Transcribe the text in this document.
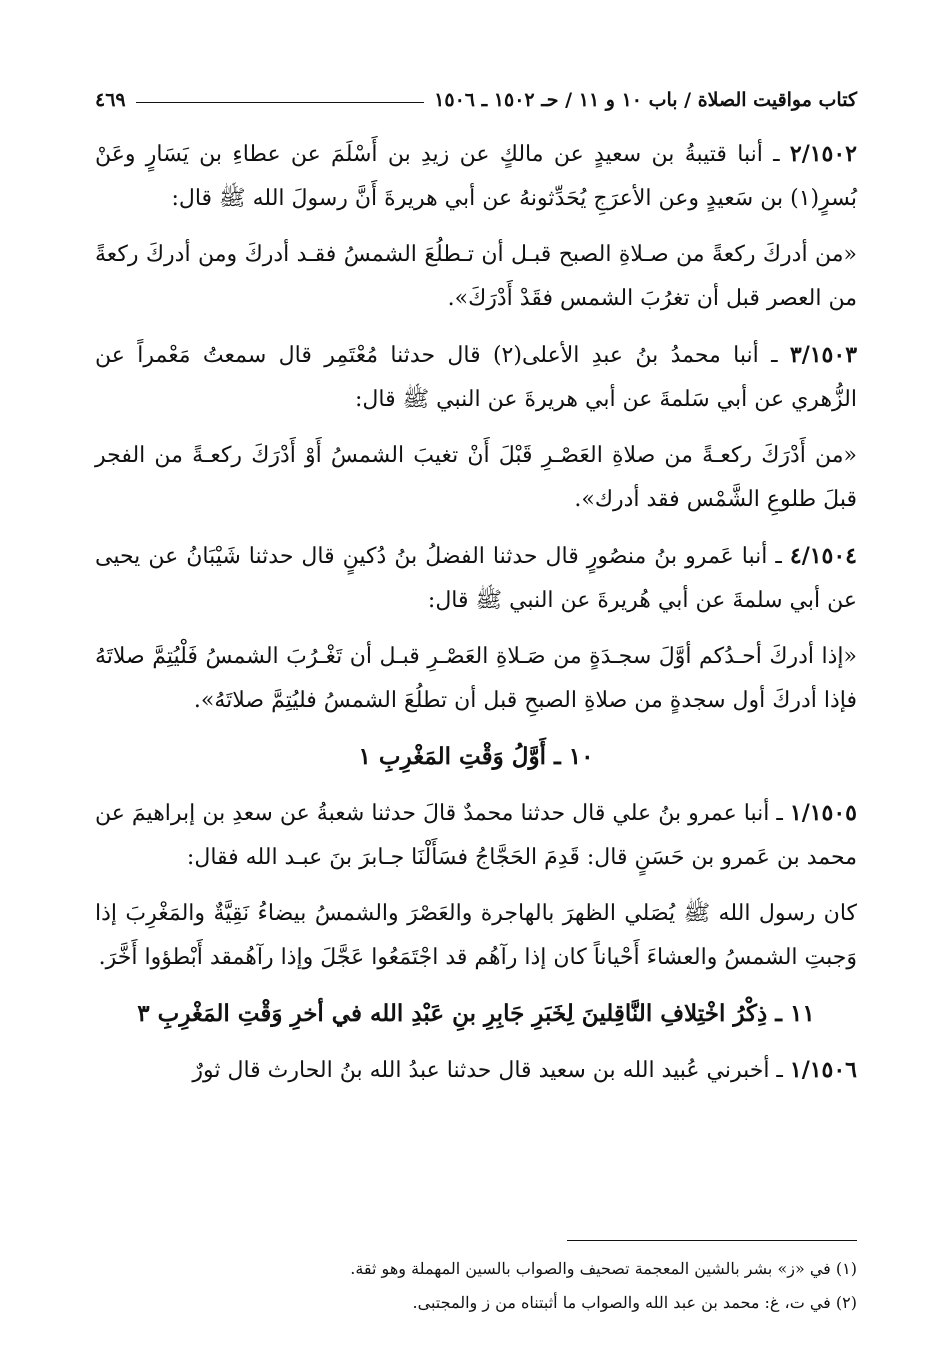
كتاب مواقيت الصلاة / باب ١٠ و ١١ / حـ ١٥٠٢ ـ ١٥٠٦
٤٦٩

٢/١٥٠٢ ـ أنبا قتيبةُ بن سعيدٍ عن مالكٍ عن زيدِ بن أَسْلَمَ عن عطاءِ بن يَسَارٍ وعَنْ بُسرٍ(١) بن سَعيدٍ وعن الأعرَجِ يُحَدِّثونهُ عن أبي هريرةَ أَنَّ رسولَ الله ﷺ قال:

«من أدركَ ركعةً من صـلاةِ الصبح قبـل أن تـطلُعَ الشمسُ فقـد أدركَ ومن أدركَ ركعةً من العصر قبل أن تغرُبَ الشمس فقَدْ أَدْرَكَ».

٣/١٥٠٣ ـ أنبا محمدُ بنُ عبدِ الأعلى(٢) قال حدثنا مُعْتَمِر قال سمعتُ مَعْمراً عن الزُّهري عن أبي سَلمةَ عن أبي هريرةَ عن النبي ﷺ قال:

«من أَدْرَكَ ركعـةً من صلاةِ العَصْـرِ قَبْلَ أَنْ تغيبَ الشمسُ أَوْ أَدْرَكَ ركعـةً من الفجر قبلَ طلوعِ الشَّمْس فقد أدرك».

٤/١٥٠٤ ـ أنبا عَمرو بنُ منصُورٍ قال حدثنا الفضلُ بنُ دُكينٍ قال حدثنا شَيْبَانُ عن يحيى عن أبي سلمةَ عن أبي هُريرةَ عن النبي ﷺ قال:

«إذا أدركَ أحـدُكم أوَّلَ سجـدَةٍ من صَـلاةِ العَصْـرِ قبـل أن تَغْـرُبَ الشمسُ فَلْيُتِمَّ صلاتَهُ فإذا أدركَ أول سجدةٍ من صلاةِ الصبحِ قبل أن تطلُعَ الشمسُ فليُتِمَّ صلاتَهُ».

١٠ ـ أَوَّلُ وَقْتِ المَغْرِبِ ١

١/١٥٠٥ ـ أنبا عمرو بنُ علي قال حدثنا محمدٌ قالَ حدثنا شعبةُ عن سعدِ بن إبراهيمَ عن محمد بن عَمرو بن حَسَنٍ قال: قَدِمَ الحَجَّاجُ فسَأَلْنَا جـابرَ بنَ عبـد الله فقال:

كان رسول الله ﷺ يُصَلي الظهرَ بالهاجرة والعَصْرَ والشمسُ بيضاءُ نَقِيَّةٌ والمَغْرِبَ إذا وَجبتِ الشمسُ والعشاءَ أَحْياناً كان إذا رآهُم قد اجْتَمَعُوا عَجَّلَ وإذا رآهُمقد أَبْطؤوا أَخَّرَ.

١١ ـ ذِكْرُ اخْتِلافِ النَّاقِلينَ لِخَبَرِ جَابِرِ بنِ عَبْدِ الله في أخرِ وَقْتِ المَغْرِبِ ٣

١/١٥٠٦ ـ أخبرني عُبيد الله بن سعيد قال حدثنا عبدُ الله بنُ الحارث قال ثورٌ

(١) في «ز» بشر بالشين المعجمة تصحيف والصواب بالسين المهملة وهو ثقة.

(٢) في ت، غ: محمد بن عبد الله والصواب ما أثبتناه من ز والمجتبى.
